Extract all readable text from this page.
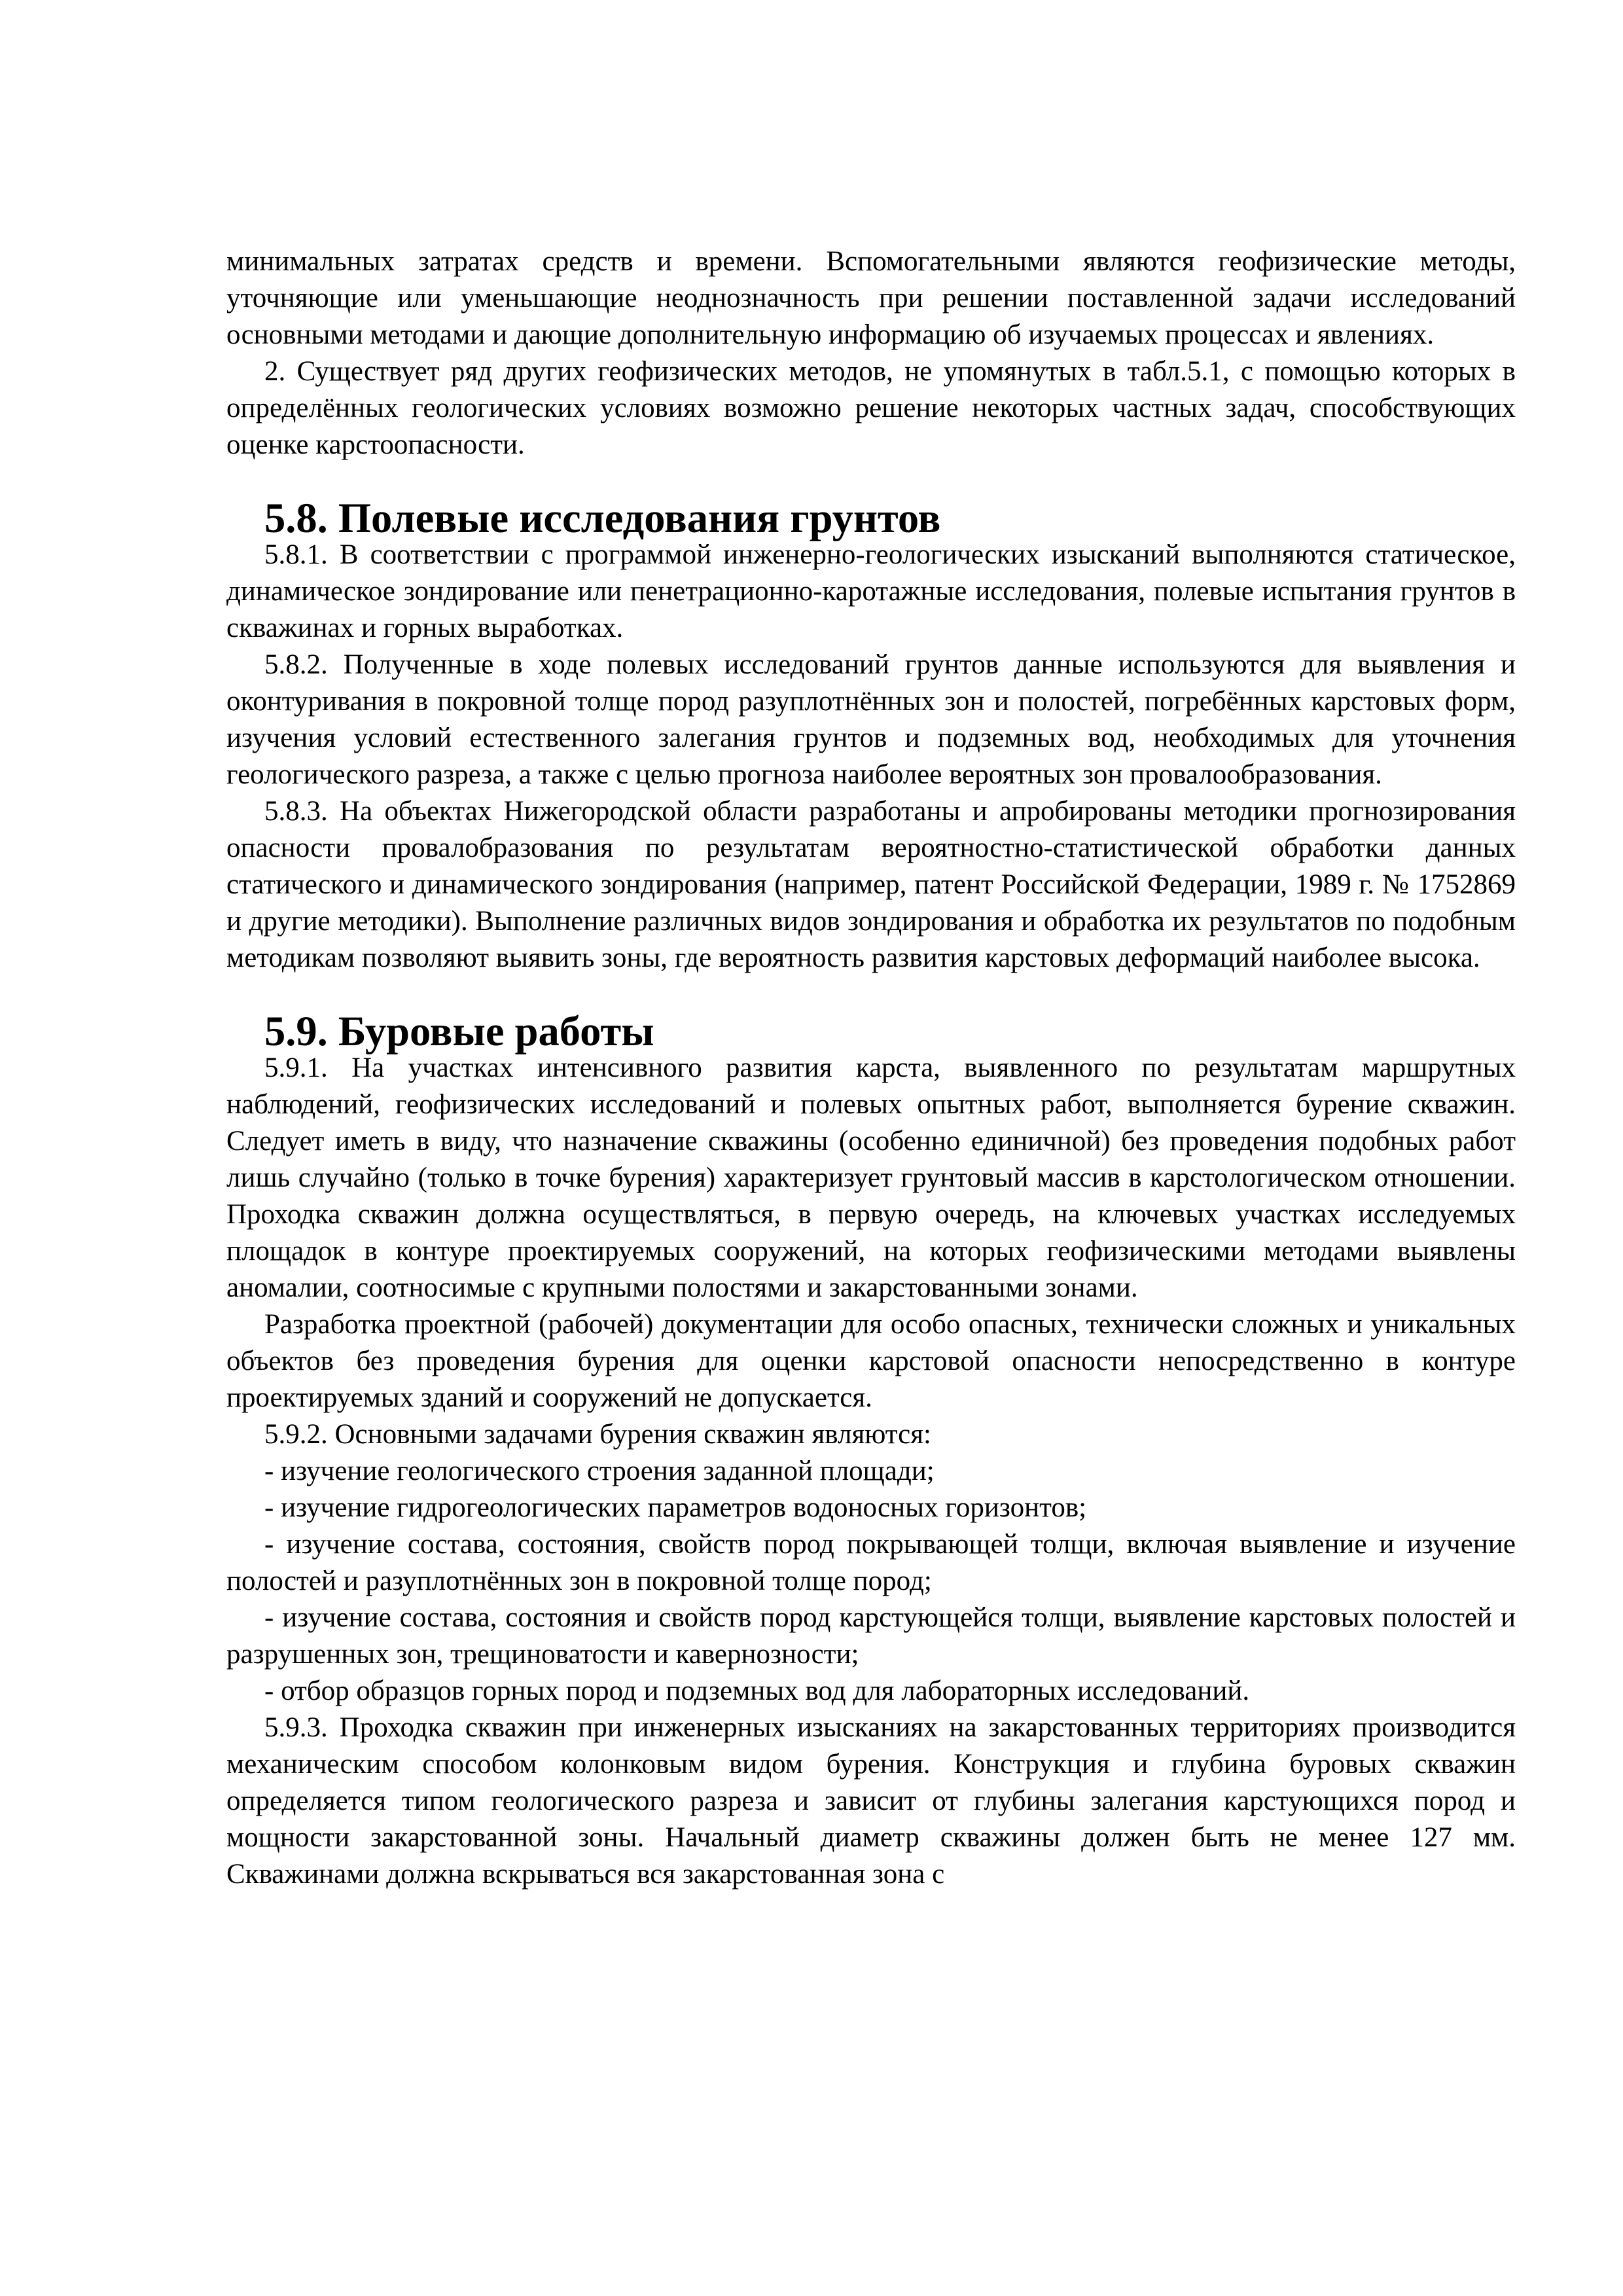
минимальных затратах средств и времени. Вспомогательными являются геофизические методы, уточняющие или уменьшающие неоднозначность при решении поставленной задачи исследований основными методами и дающие дополнительную информацию об изучаемых процессах и явлениях.

2. Существует ряд других геофизических методов, не упомянутых в табл.5.1, с помощью которых в определённых геологических условиях возможно решение некоторых частных задач, способствующих оценке карстоопасности.

5.8. Полевые исследования грунтов

5.8.1. В соответствии с программой инженерно-геологических изысканий выполняются статическое, динамическое зондирование или пенетрационно-каротажные исследования, полевые испытания грунтов в скважинах и горных выработках.

5.8.2. Полученные в ходе полевых исследований грунтов данные используются для выявления и оконтуривания в покровной толще пород разуплотнённых зон и полостей, погребённых карстовых форм, изучения условий естественного залегания грунтов и подземных вод, необходимых для уточнения геологического разреза, а также с целью прогноза наиболее вероятных зон провалообразования.

5.8.3. На объектах Нижегородской области разработаны и апробированы методики прогнозирования опасности провалобразования по результатам вероятностно-статистической обработки данных статического и динамического зондирования (например, патент Российской Федерации, 1989 г. № 1752869 и другие методики). Выполнение различных видов зондирования и обработка их результатов по подобным методикам позволяют выявить зоны, где вероятность развития карстовых деформаций наиболее высока.

5.9. Буровые работы

5.9.1. На участках интенсивного развития карста, выявленного по результатам маршрутных наблюдений, геофизических исследований и полевых опытных работ, выполняется бурение скважин. Следует иметь в виду, что назначение скважины (особенно единичной) без проведения подобных работ лишь случайно (только в точке бурения) характеризует грунтовый массив в карстологическом отношении. Проходка скважин должна осуществляться, в первую очередь, на ключевых участках исследуемых площадок в контуре проектируемых сооружений, на которых геофизическими методами выявлены аномалии, соотносимые с крупными полостями и закарстованными зонами.

Разработка проектной (рабочей) документации для особо опасных, технически сложных и уникальных объектов без проведения бурения для оценки карстовой опасности непосредственно в контуре проектируемых зданий и сооружений не допускается.

5.9.2. Основными задачами бурения скважин являются:

- изучение геологического строения заданной площади;

- изучение гидрогеологических параметров водоносных горизонтов;

- изучение состава, состояния, свойств пород покрывающей толщи, включая выявление и изучение полостей и разуплотнённых зон в покровной толще пород;

- изучение состава, состояния и свойств пород карстующейся толщи, выявление карстовых полостей и разрушенных зон, трещиноватости и кавернозности;

- отбор образцов горных пород и подземных вод для лабораторных исследований.

5.9.3. Проходка скважин при инженерных изысканиях на закарстованных территориях производится механическим способом колонковым видом бурения. Конструкция и глубина буровых скважин определяется типом геологического разреза и зависит от глубины залегания карстующихся пород и мощности закарстованной зоны. Начальный диаметр скважины должен быть не менее 127 мм. Скважинами должна вскрываться вся закарстованная зона с
